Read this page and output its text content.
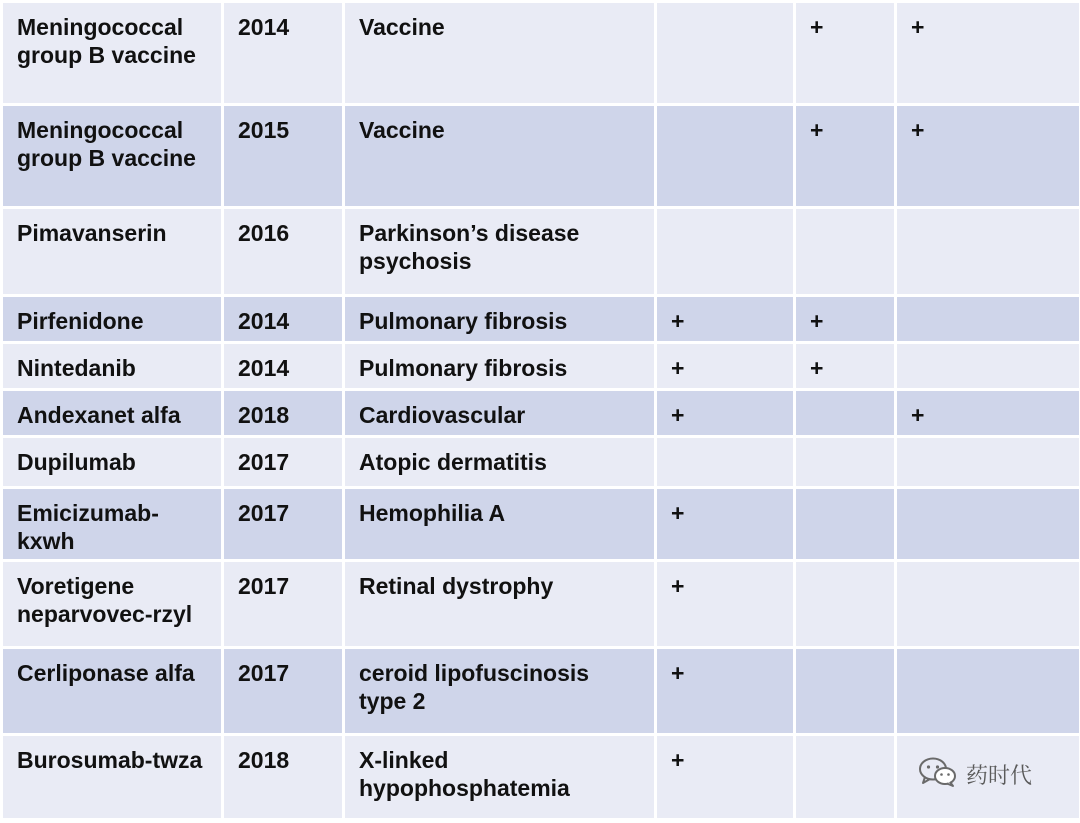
Meningococcal group B vaccine	2014	Vaccine		+	+
Meningococcal group B vaccine	2015	Vaccine		+	+
Pimavanserin	2016	Parkinson’s disease psychosis			
Pirfenidone	2014	Pulmonary fibrosis	+	+	
Nintedanib	2014	Pulmonary fibrosis	+	+	
Andexanet alfa	2018	Cardiovascular	+		+
Dupilumab	2017	Atopic dermatitis			
Emicizumab-kxwh	2017	Hemophilia A	+		
Voretigene neparvovec-rzyl	2017	Retinal dystrophy	+		
Cerliponase alfa	2017	ceroid lipofuscinosis type 2	+		
Burosumab-twza	2018	X-linked hypophosphatemia	+		
药时代
